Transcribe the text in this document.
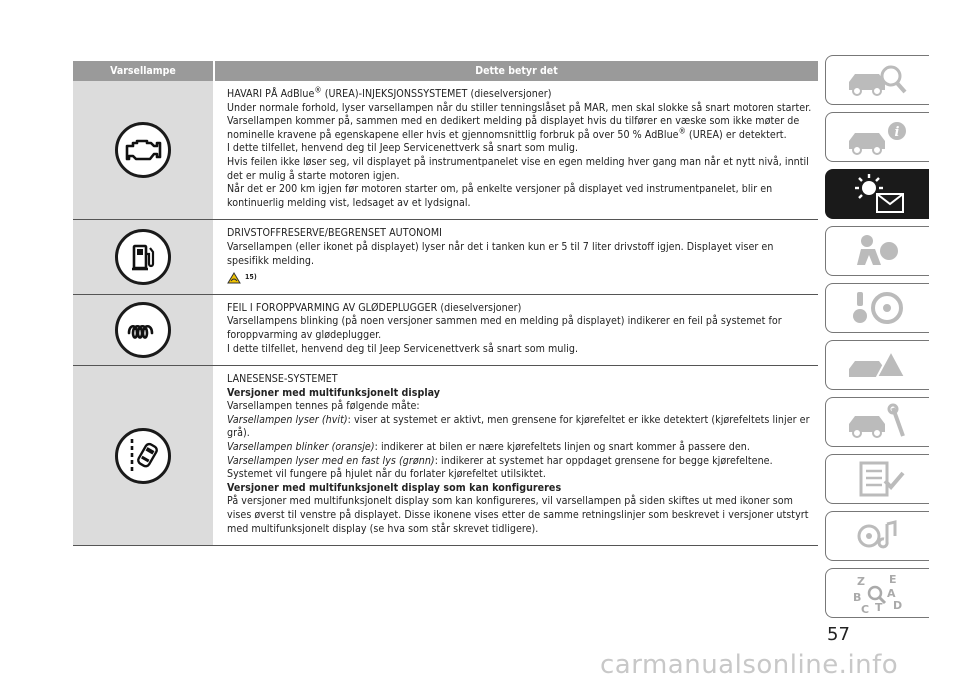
Varsellampe	Dette betyr det
HAVARI PÅ AdBlue® (UREA)-INJEKSJONSSYSTEMET (dieselversjoner)
Under normale forhold, lyser varsellampen når du stiller tenningslåset på MAR, men skal slokke så snart motoren starter.
Varsellampen kommer på, sammen med en dedikert melding på displayet hvis du tilfører en væske som ikke møter de nominelle kravene på egenskapene eller hvis et gjennomsnittlig forbruk på over 50 % AdBlue® (UREA) er detektert.
I dette tilfellet, henvend deg til Jeep Servicenettverk så snart som mulig.
Hvis feilen ikke løser seg, vil displayet på instrumentpanelet vise en egen melding hver gang man når et nytt nivå, inntil det er mulig å starte motoren igjen.
Når det er 200 km igjen før motoren starter om, på enkelte versjoner på displayet ved instrumentpanelet, blir en kontinuerlig melding vist, ledsaget av et lydsignal.
DRIVSTOFFRESERVE/BEGRENSET AUTONOMI
Varsellampen (eller ikonet på displayet) lyser når det i tanken kun er 5 til 7 liter drivstoff igjen. Displayet viser en spesifikk melding.
15)
FEIL I FOROPPVARMING AV GLØDEPLUGGER (dieselversjoner)
Varsellampens blinking (på noen versjoner sammen med en melding på displayet) indikerer en feil på systemet for foroppvarming av glødeplugger.
I dette tilfellet, henvend deg til Jeep Servicenettverk så snart som mulig.
LANESENSE-SYSTEMET
Versjoner med multifunksjonelt display
Varsellampen tennes på følgende måte:
Varsellampen lyser (hvit): viser at systemet er aktivt, men grensene for kjørefeltet er ikke detektert (kjørefeltets linjer er grå).
Varsellampen blinker (oransje): indikerer at bilen er nære kjørefeltets linjen og snart kommer å passere den.
Varsellampen lyser med en fast lys (grønn): indikerer at systemet har oppdaget grensene for begge kjørefeltene.
Systemet vil fungere på hjulet når du forlater kjørefeltet utilsiktet.
Versjoner med multifunksjonelt display som kan konfigureres
På versjoner med multifunksjonelt display som kan konfigureres, vil varsellampen på siden skiftes ut med ikoner som vises øverst til venstre på displayet. Disse ikonene vises etter de samme retningslinjer som beskrevet i versjoner utstyrt med multifunksjonelt display (se hva som står skrevet tidligere).
i
Z E
B A
C T D
57
carmanualsonline.info
